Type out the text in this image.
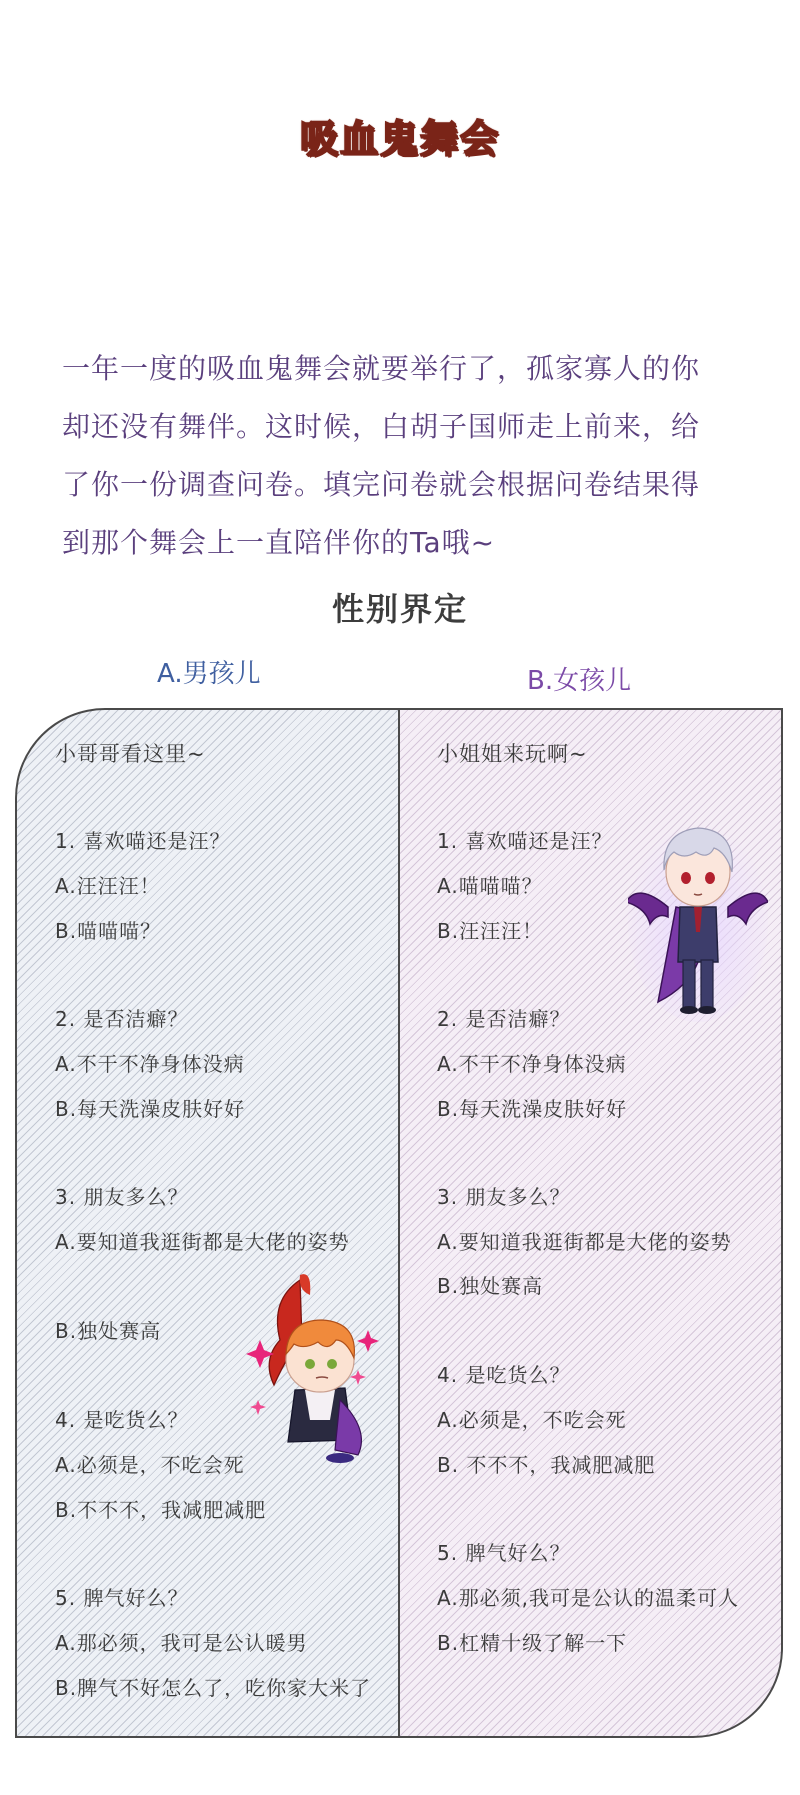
吸血鬼舞会
一年一度的吸血鬼舞会就要举行了，孤家寡人的你
却还没有舞伴。这时候，白胡子国师走上前来，给
了你一份调查问卷。填完问卷就会根据问卷结果得
到那个舞会上一直陪伴你的Ta哦~
性别界定
A.男孩儿	B.女孩儿
小哥哥看这里~
1. 喜欢喵还是汪？
A.汪汪汪！
B.喵喵喵？
2. 是否洁癖？
A.不干不净身体没病
B.每天洗澡皮肤好好
3. 朋友多么？
A.要知道我逛街都是大佬的姿势
B.独处赛高
4. 是吃货么？
A.必须是，不吃会死
B.不不不，我减肥减肥
5. 脾气好么？
A.那必须，我可是公认暖男
B.脾气不好怎么了，吃你家大米了
小姐姐来玩啊~
1. 喜欢喵还是汪？
A.喵喵喵？
B.汪汪汪！
2. 是否洁癖？
A.不干不净身体没病
B.每天洗澡皮肤好好
3. 朋友多么？
A.要知道我逛街都是大佬的姿势
B.独处赛高
4. 是吃货么？
A.必须是，不吃会死
B. 不不不，我减肥减肥
5. 脾气好么？
A.那必须,我可是公认的温柔可人
B.杠精十级了解一下
